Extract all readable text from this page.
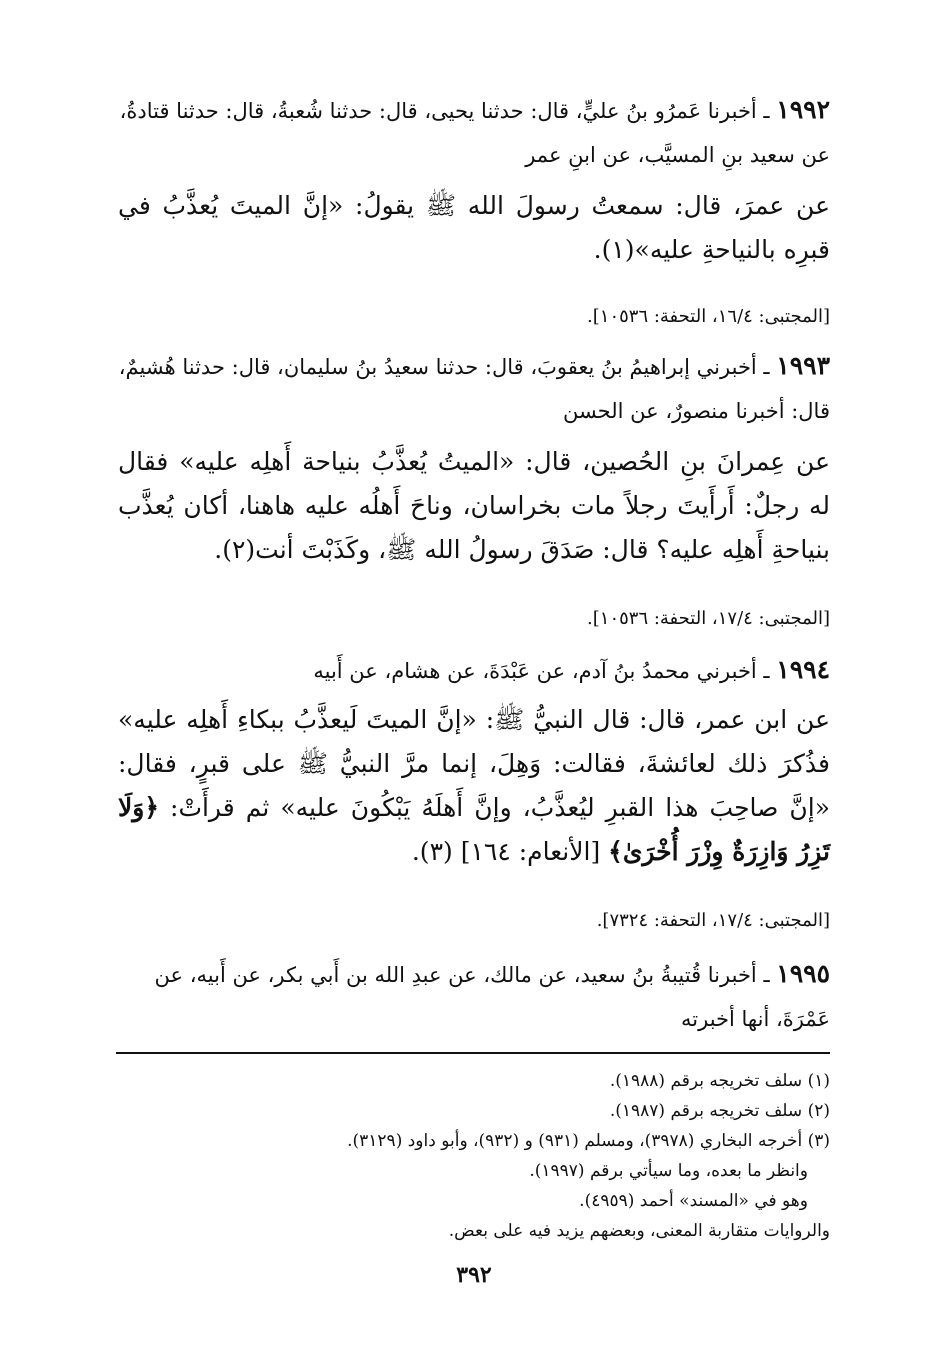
١٩٩٢ ـ أخبرنا عَمرُو بنُ عليٍّ، قال: حدثنا يحيى، قال: حدثنا شُعبةُ، قال: حدثنا قتادةُ، عن سعيد بنِ المسيَّب، عن ابنِ عمر
عن عمرَ، قال: سمعتُ رسولَ الله ﷺ يقولُ: «إنَّ الميتَ يُعذَّبُ في قبرِه بالنياحةِ عليه»(١).
[المجتبى: ١٦/٤، التحفة: ١٠٥٣٦].
١٩٩٣ ـ أخبرني إبراهيمُ بنُ يعقوبَ، قال: حدثنا سعيدُ بنُ سليمان، قال: حدثنا هُشيمٌ، قال: أخبرنا منصورٌ، عن الحسن
عن عِمرانَ بنِ الحُصين، قال: «الميتُ يُعذَّبُ بنياحة أَهلِه عليه» فقال له رجلٌ: أَرأَيتَ رجلاً مات بخراسان، وناحَ أَهلُه عليه هاهنا، أكان يُعذَّب بنياحةِ أَهلِه عليه؟ قال: صَدَقَ رسولُ الله ﷺ، وكَذَبْتَ أنت(٢).
[المجتبى: ١٧/٤، التحفة: ١٠٥٣٦].
١٩٩٤ ـ أخبرني محمدُ بنُ آدم، عن عَبْدَةَ، عن هشام، عن أَبيه
عن ابن عمر، قال: قال النبيُّ ﷺ: «إنَّ الميتَ لَيعذَّبُ ببكاءِ أَهلِه عليه» فذُكرَ ذلك لعائشةَ، فقالت: وَهِلَ، إنما مرَّ النبيُّ ﷺ على قبرٍ، فقال: «إنَّ صاحِبَ هذا القبرِ ليُعذَّبُ، وإنَّ أَهلَهُ يَبْكُونَ عليه» ثم قرأَتْ: ﴿وَلَا تَزِرُ وَازِرَةٌ وِزْرَ أُخْرَىٰ﴾ [الأنعام: ١٦٤] (٣).
[المجتبى: ١٧/٤، التحفة: ٧٣٢٤].
١٩٩٥ ـ أخبرنا قُتيبةُ بنُ سعيد، عن مالك، عن عبدِ الله بن أَبي بكر، عن أَبيه، عن عَمْرَةَ، أنها أخبرته
(١) سلف تخريجه برقم (١٩٨٨).
(٢) سلف تخريجه برقم (١٩٨٧).
(٣) أخرجه البخاري (٣٩٧٨)، ومسلم (٩٣١) و (٩٣٢)، وأبو داود (٣١٢٩).
وانظر ما بعده، وما سيأتي برقم (١٩٩٧).
وهو في «المسند» أحمد (٤٩٥٩).
والروايات متقاربة المعنى، وبعضهم يزيد فيه على بعض.
٣٩٢
